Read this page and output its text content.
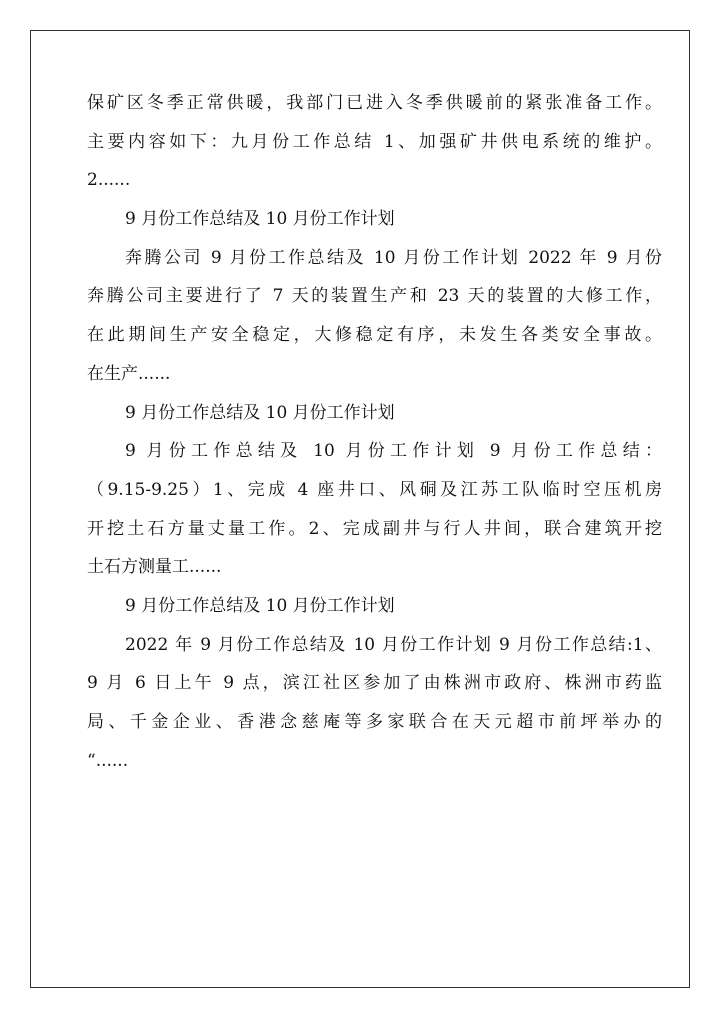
保矿区冬季正常供暖，我部门已进入冬季供暖前的紧张准备工作。
主要内容如下：九月份工作总结 1、加强矿井供电系统的维护。
2......
9 月份工作总结及 10 月份工作计划
奔腾公司 9 月份工作总结及 10 月份工作计划 2022 年 9 月份
奔腾公司主要进行了 7 天的装置生产和 23 天的装置的大修工作，
在此期间生产安全稳定，大修稳定有序，未发生各类安全事故。
在生产......
9 月份工作总结及 10 月份工作计划
9 月份工作总结及 10 月份工作计划 9 月份工作总结：
（9.15-9.25）1、完成 4 座井口、风硐及江苏工队临时空压机房
开挖土石方量丈量工作。2、完成副井与行人井间，联合建筑开挖
土石方测量工......
9 月份工作总结及 10 月份工作计划
2022 年 9 月份工作总结及 10 月份工作计划 9 月份工作总结:1、
9 月 6 日上午 9 点，滨江社区参加了由株洲市政府、株洲市药监
局、千金企业、香港念慈庵等多家联合在天元超市前坪举办的
“......
